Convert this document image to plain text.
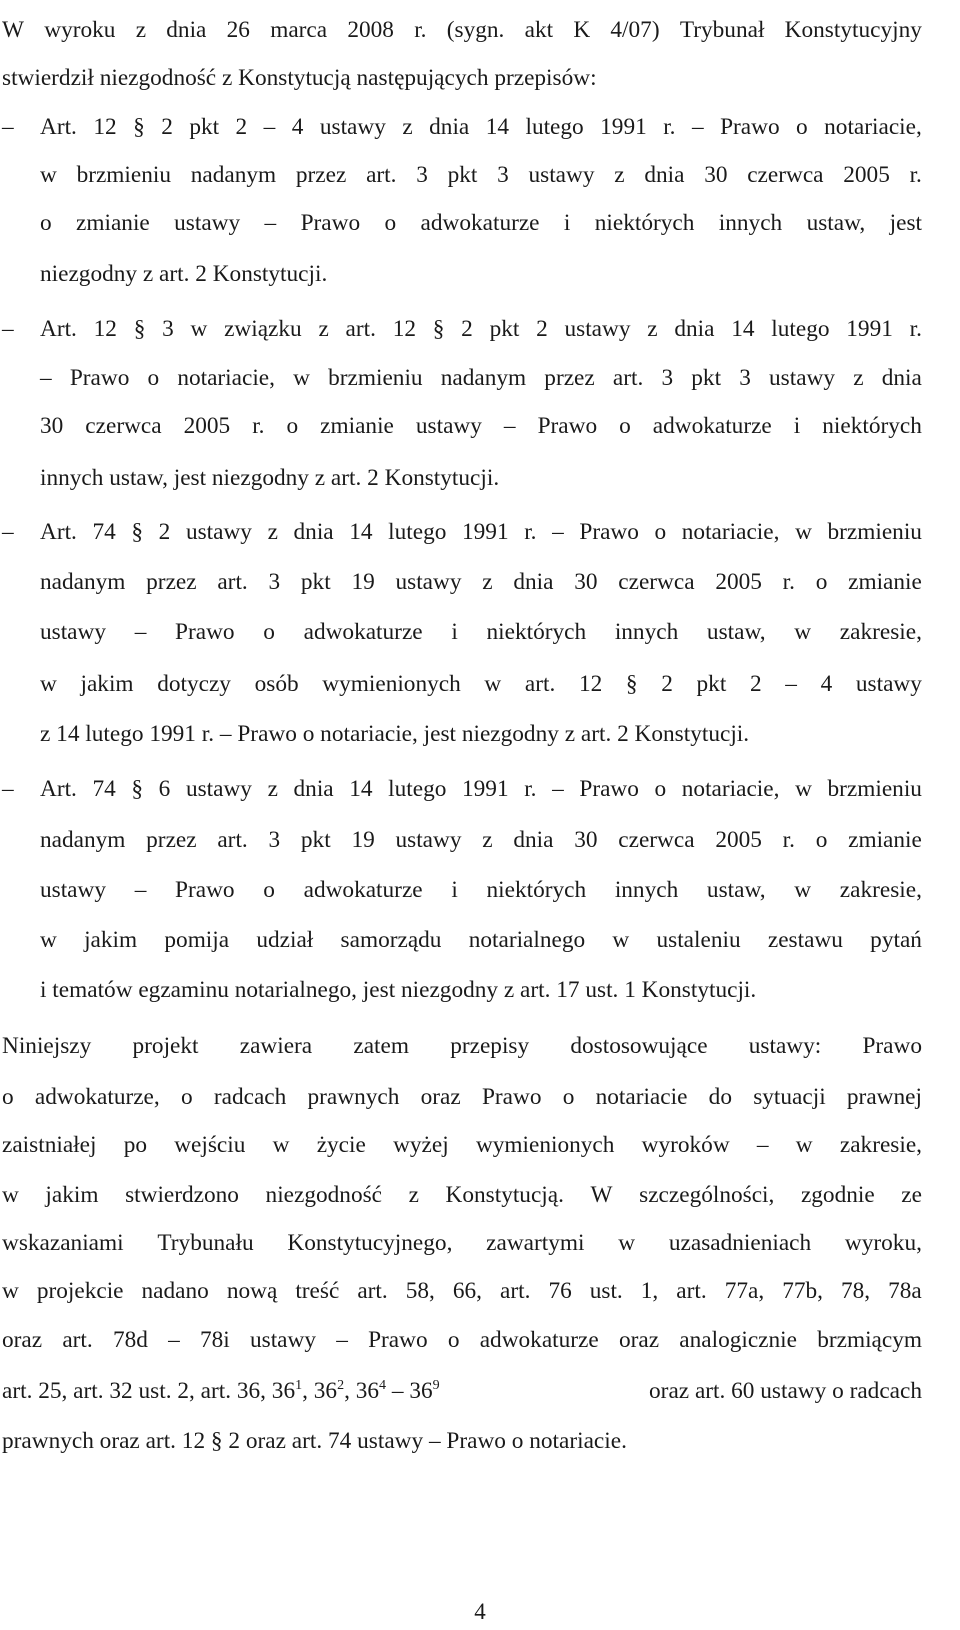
W wyroku z dnia 26 marca 2008 r. (sygn. akt K 4/07) Trybunał Konstytucyjny
stwierdził niezgodność z Konstytucją następujących przepisów:
– Art. 12 § 2 pkt 2 – 4 ustawy z dnia 14 lutego 1991 r. – Prawo o notariacie,
w brzmieniu nadanym przez art. 3 pkt 3 ustawy z dnia 30 czerwca 2005 r.
o zmianie ustawy – Prawo o adwokaturze i niektórych innych ustaw, jest
niezgodny z art. 2 Konstytucji.
– Art. 12 § 3 w związku z art. 12 § 2 pkt 2 ustawy z dnia 14 lutego 1991 r.
– Prawo o notariacie, w brzmieniu nadanym przez art. 3 pkt 3 ustawy z dnia
30 czerwca 2005 r. o zmianie ustawy – Prawo o adwokaturze i niektórych
innych ustaw, jest niezgodny z art. 2 Konstytucji.
– Art. 74 § 2 ustawy z dnia 14 lutego 1991 r. – Prawo o notariacie, w brzmieniu
nadanym przez art. 3 pkt 19 ustawy z dnia 30 czerwca 2005 r. o zmianie
ustawy – Prawo o adwokaturze i niektórych innych ustaw, w zakresie,
w jakim dotyczy osób wymienionych w art. 12 § 2 pkt 2 – 4 ustawy
z 14 lutego 1991 r. – Prawo o notariacie, jest niezgodny z art. 2 Konstytucji.
– Art. 74 § 6 ustawy z dnia 14 lutego 1991 r. – Prawo o notariacie, w brzmieniu
nadanym przez art. 3 pkt 19 ustawy z dnia 30 czerwca 2005 r. o zmianie
ustawy – Prawo o adwokaturze i niektórych innych ustaw, w zakresie,
w jakim pomija udział samorządu notarialnego w ustaleniu zestawu pytań
i tematów egzaminu notarialnego, jest niezgodny z art. 17 ust. 1 Konstytucji.
Niniejszy projekt zawiera zatem przepisy dostosowujące ustawy: Prawo
o adwokaturze, o radcach prawnych oraz Prawo o notariacie do sytuacji prawnej
zaistniałej po wejściu w życie wyżej wymienionych wyroków – w zakresie,
w jakim stwierdzono niezgodność z Konstytucją. W szczególności, zgodnie ze
wskazaniami Trybunału Konstytucyjnego, zawartymi w uzasadnieniach wyroku,
w projekcie nadano nową treść art. 58, 66, art. 76 ust. 1, art. 77a, 77b, 78, 78a
oraz art. 78d – 78i ustawy – Prawo o adwokaturze oraz analogicznie brzmiącym
art. 25, art. 32 ust. 2, art. 36, $36^1$, $36^2$, $36^4 - 36^9$	oraz art. 60 ustawy o radcach
prawnych oraz art. 12 § 2 oraz art. 74 ustawy – Prawo o notariacie.
4
